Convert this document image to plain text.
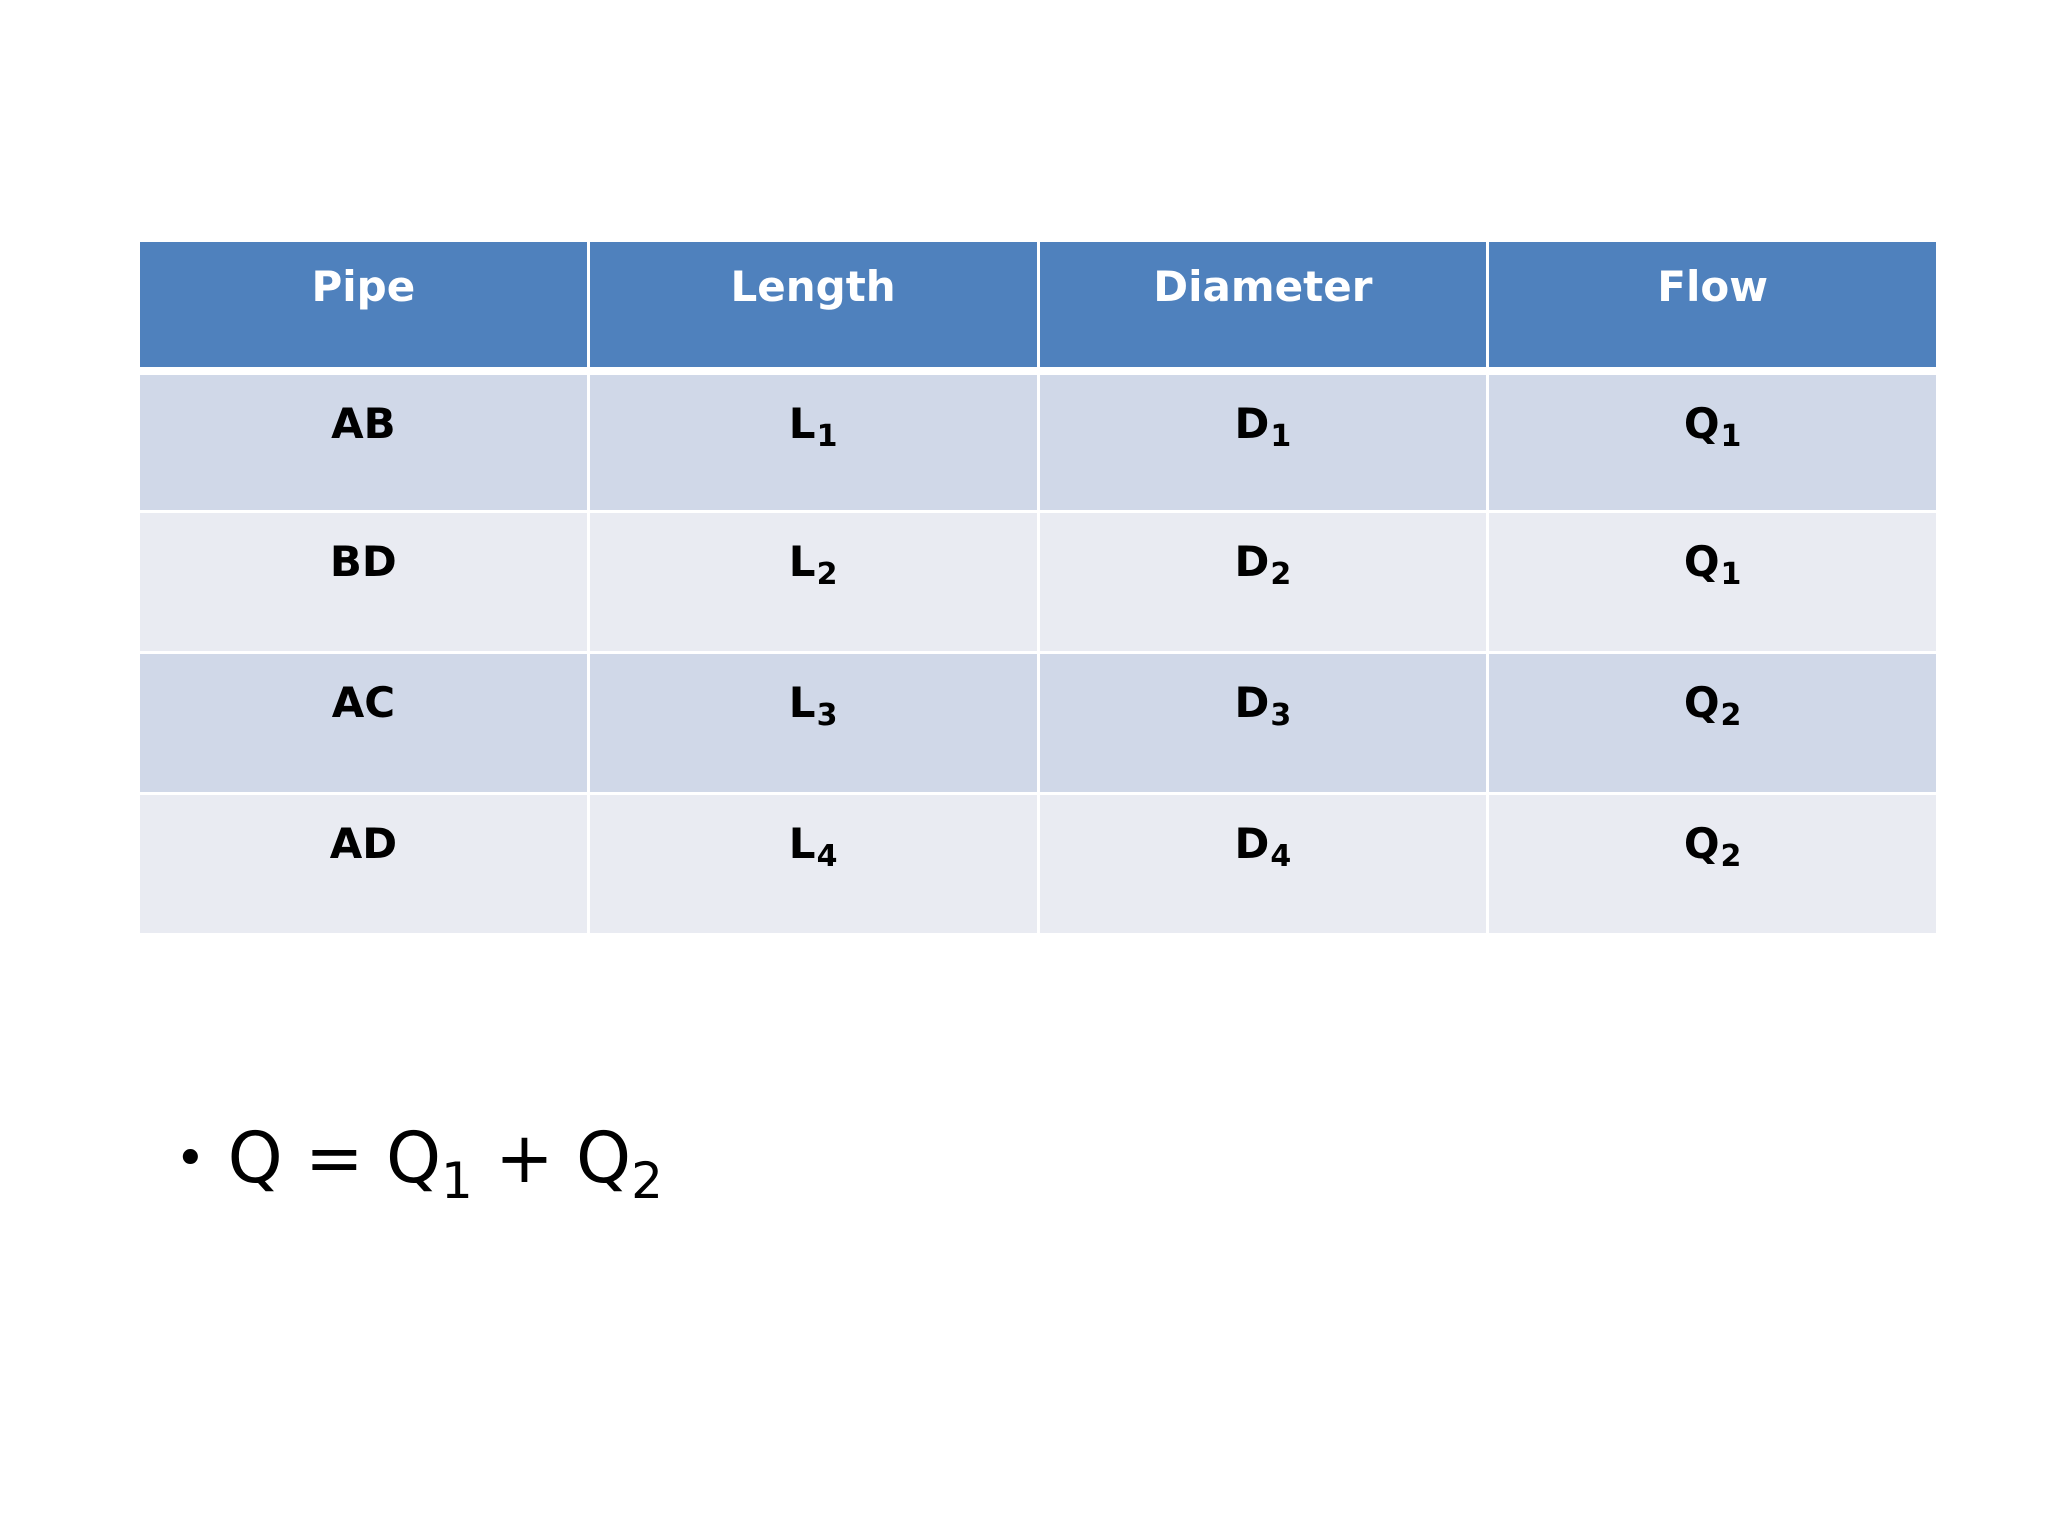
Pipe	Length	Diameter	Flow
AB	$L_1$	$D_1$	$Q_1$
BD	$L_2$	$D_2$	$Q_1$
AC	$L_3$	$D_3$	$Q_2$
AD	$L_4$	$D_4$	$Q_2$
• $Q = Q_1 + Q_2$
